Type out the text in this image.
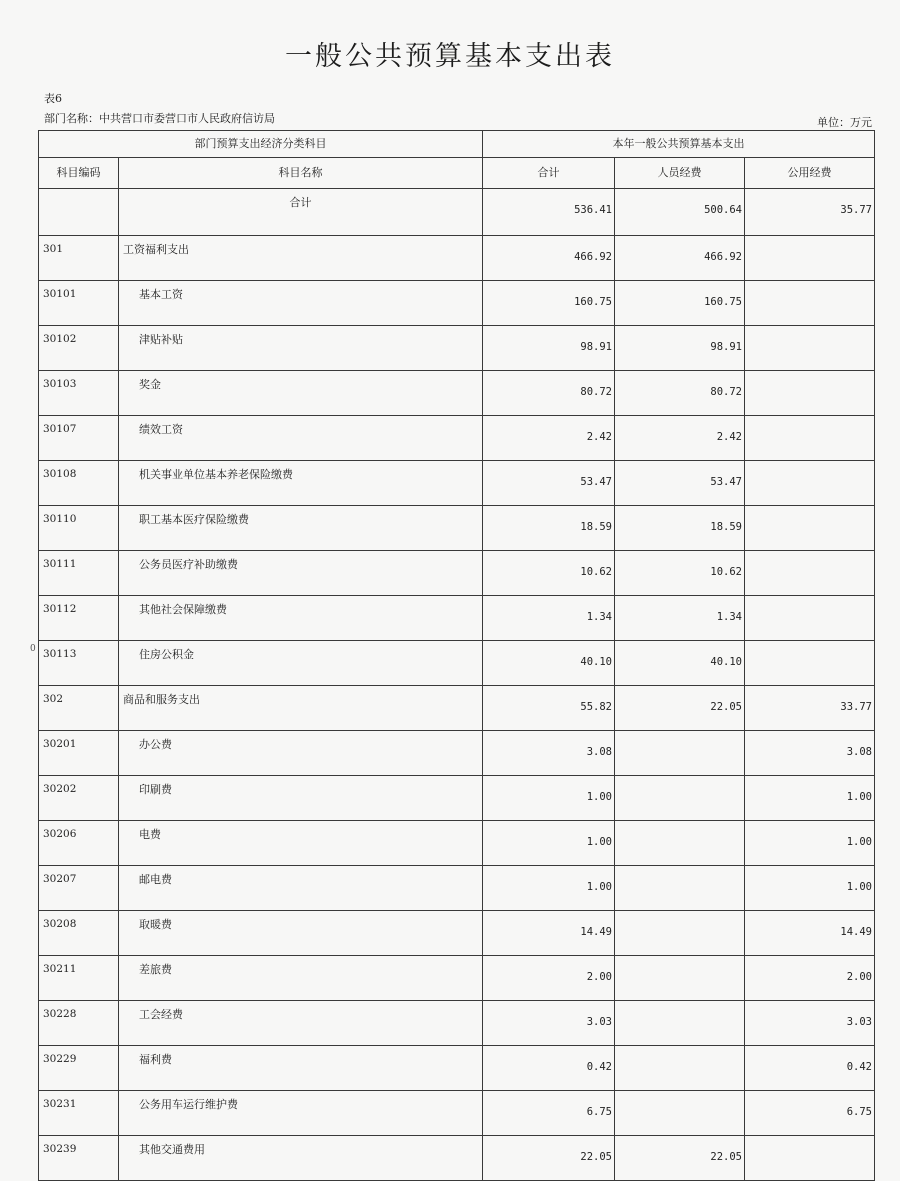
一般公共预算基本支出表
表6
部门名称：中共营口市委营口市人民政府信访局	单位：万元
0
部门预算支出经济分类科目		本年一般公共预算基本支出		
科目编码	科目名称	合计	人员经费	公用经费
	合计	536.41	500.64	35.77
301	工资福利支出	466.92	466.92	
30101	基本工资	160.75	160.75	
30102	津贴补贴	98.91	98.91	
30103	奖金	80.72	80.72	
30107	绩效工资	2.42	2.42	
30108	机关事业单位基本养老保险缴费	53.47	53.47	
30110	职工基本医疗保险缴费	18.59	18.59	
30111	公务员医疗补助缴费	10.62	10.62	
30112	其他社会保障缴费	1.34	1.34	
30113	住房公积金	40.10	40.10	
302	商品和服务支出	55.82	22.05	33.77
30201	办公费	3.08		3.08
30202	印刷费	1.00		1.00
30206	电费	1.00		1.00
30207	邮电费	1.00		1.00
30208	取暖费	14.49		14.49
30211	差旅费	2.00		2.00
30228	工会经费	3.03		3.03
30229	福利费	0.42		0.42
30231	公务用车运行维护费	6.75		6.75
30239	其他交通费用	22.05	22.05	
